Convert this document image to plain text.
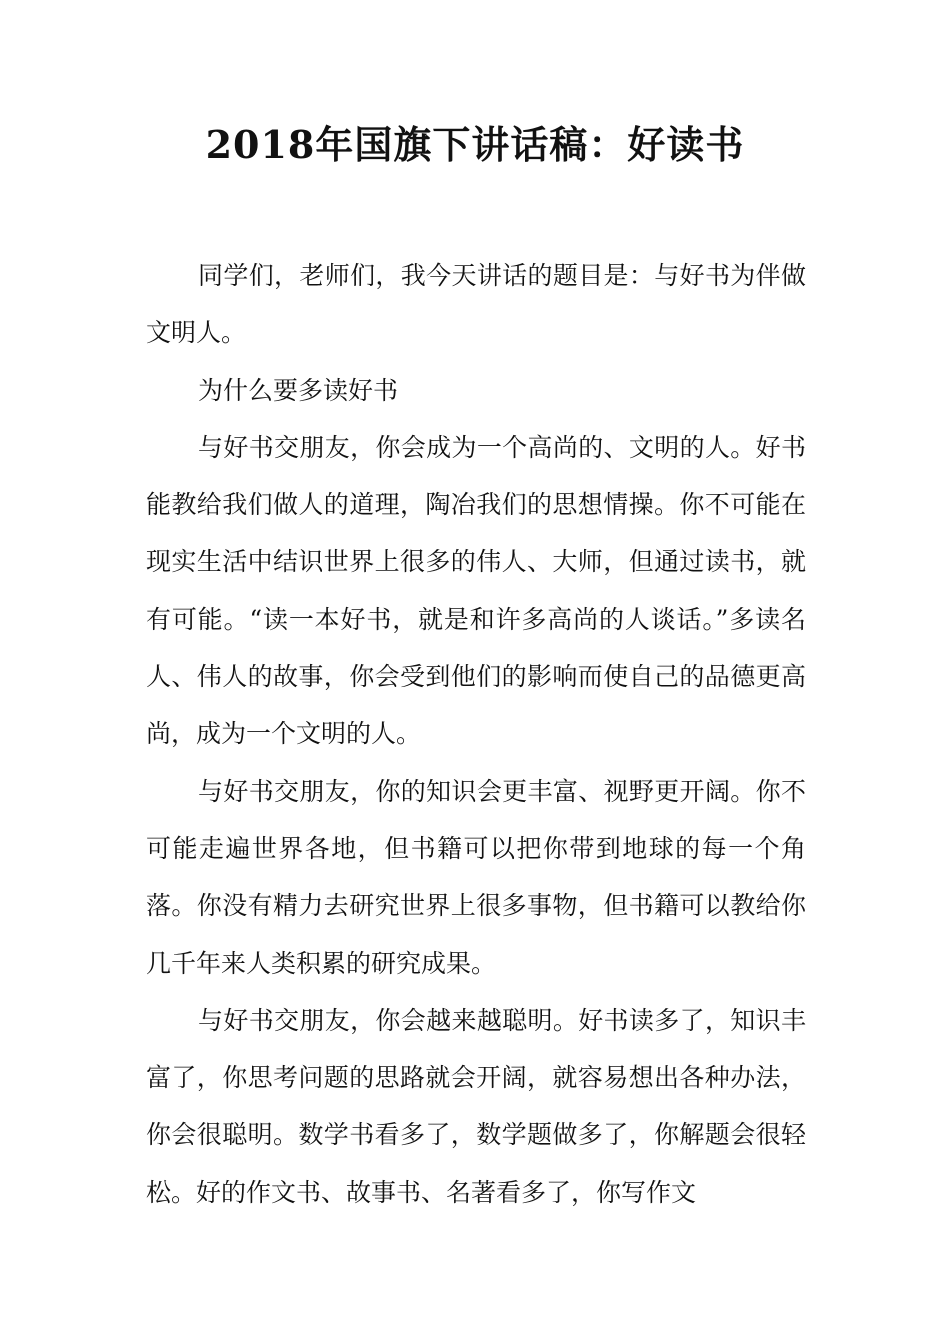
2018年国旗下讲话稿：好读书

同学们，老师们，我今天讲话的题目是：与好书为伴做文明人。

为什么要多读好书

与好书交朋友，你会成为一个高尚的、文明的人。好书能教给我们做人的道理，陶冶我们的思想情操。你不可能在现实生活中结识世界上很多的伟人、大师，但通过读书，就有可能。“读一本好书，就是和许多高尚的人谈话。”多读名人、伟人的故事，你会受到他们的影响而使自己的品德更高尚，成为一个文明的人。

与好书交朋友，你的知识会更丰富、视野更开阔。你不可能走遍世界各地，但书籍可以把你带到地球的每一个角落。你没有精力去研究世界上很多事物，但书籍可以教给你几千年来人类积累的研究成果。

与好书交朋友，你会越来越聪明。好书读多了，知识丰富了，你思考问题的思路就会开阔，就容易想出各种办法，你会很聪明。数学书看多了，数学题做多了，你解题会很轻松。好的作文书、故事书、名著看多了，你写作文
